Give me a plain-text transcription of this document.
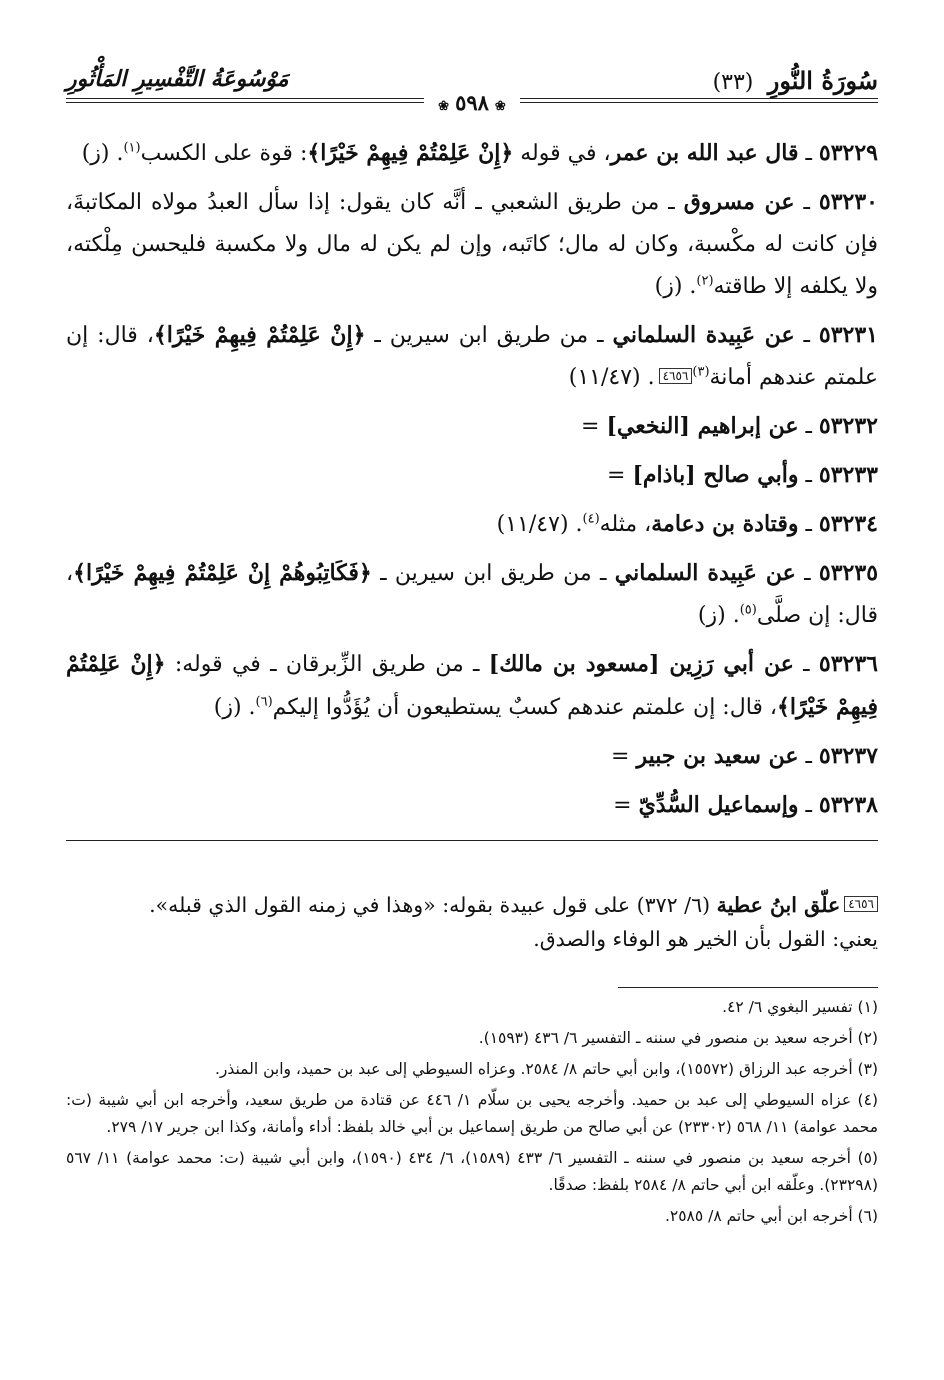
سُورَةُ النُّورِ (٣٣)
مَوْسُوعَةُ التَّفْسِيرِ المَأْثُورِ
❀٥٩٨❀
٥٣٢٢٩ ـ قال عبد الله بن عمر، في قوله ﴿إِنْ عَلِمْتُمْ فِيهِمْ خَيْرًا﴾: قوة على الكسب$^{(١)}$. (ز)
٥٣٢٣٠ ـ عن مسروق ـ من طريق الشعبي ـ أنَّه كان يقول: إذا سأل العبدُ مولاه المكاتبةَ، فإن كانت له مكْسبة، وكان له مال؛ كاتَبه، وإن لم يكن له مال ولا مكسبة فليحسن مِلْكته، ولا يكلفه إلا طاقته$^{(٢)}$. (ز)
٥٣٢٣١ ـ عن عَبِيدة السلماني ـ من طريق ابن سيرين ـ ﴿إِنْ عَلِمْتُمْ فِيهِمْ خَيْرًا﴾، قال: إن علمتم عندهم أمانة$^{(٣)}$٤٦٥٦. (١١/٤٧)
٥٣٢٣٢ ـ عن إبراهيم [النخعي] =
٥٣٢٣٣ ـ وأبي صالح [باذام] =
٥٣٢٣٤ ـ وقتادة بن دعامة، مثله$^{(٤)}$. (١١/٤٧)
٥٣٢٣٥ ـ عن عَبِيدة السلماني ـ من طريق ابن سيرين ـ ﴿فَكَاتِبُوهُمْ إِنْ عَلِمْتُمْ فِيهِمْ خَيْرًا﴾، قال: إن صلَّى$^{(٥)}$. (ز)
٥٣٢٣٦ ـ عن أبي رَزِين [مسعود بن مالك] ـ من طريق الزِّبرقان ـ في قوله: ﴿إِنْ عَلِمْتُمْ فِيهِمْ خَيْرًا﴾، قال: إن علمتم عندهم كسبٌ يستطيعون أن يُؤَدُّوا إليكم$^{(٦)}$. (ز)
٥٣٢٣٧ ـ عن سعيد بن جبير =
٥٣٢٣٨ ـ وإسماعيل السُّدِّيّ =
٤٦٥٦علّق ابنُ عطية (٦/ ٣٧٢) على قول عبيدة بقوله: «وهذا في زمنه القول الذي قبله».
يعني: القول بأن الخير هو الوفاء والصدق.
(١) تفسير البغوي ٦/ ٤٢.
(٢) أخرجه سعيد بن منصور في سننه ـ التفسير ٦/ ٤٣٦ (١٥٩٣).
(٣) أخرجه عبد الرزاق (١٥٥٧٢)، وابن أبي حاتم ٨/ ٢٥٨٤. وعزاه السيوطي إلى عبد بن حميد، وابن المنذر.
(٤) عزاه السيوطي إلى عبد بن حميد. وأخرجه يحيى بن سلّام ١/ ٤٤٦ عن قتادة من طريق سعيد، وأخرجه ابن أبي شيبة (ت: محمد عوامة) ١١/ ٥٦٨ (٢٣٣٠٢) عن أبي صالح من طريق إسماعيل بن أبي خالد بلفظ: أداء وأمانة، وكذا ابن جرير ١٧/ ٢٧٩.
(٥) أخرجه سعيد بن منصور في سننه ـ التفسير ٦/ ٤٣٣ (١٥٨٩)، ٦/ ٤٣٤ (١٥٩٠)، وابن أبي شيبة (ت: محمد عوامة) ١١/ ٥٦٧ (٢٣٢٩٨). وعلّقه ابن أبي حاتم ٨/ ٢٥٨٤ بلفظ: صدقًا.
(٦) أخرجه ابن أبي حاتم ٨/ ٢٥٨٥.
